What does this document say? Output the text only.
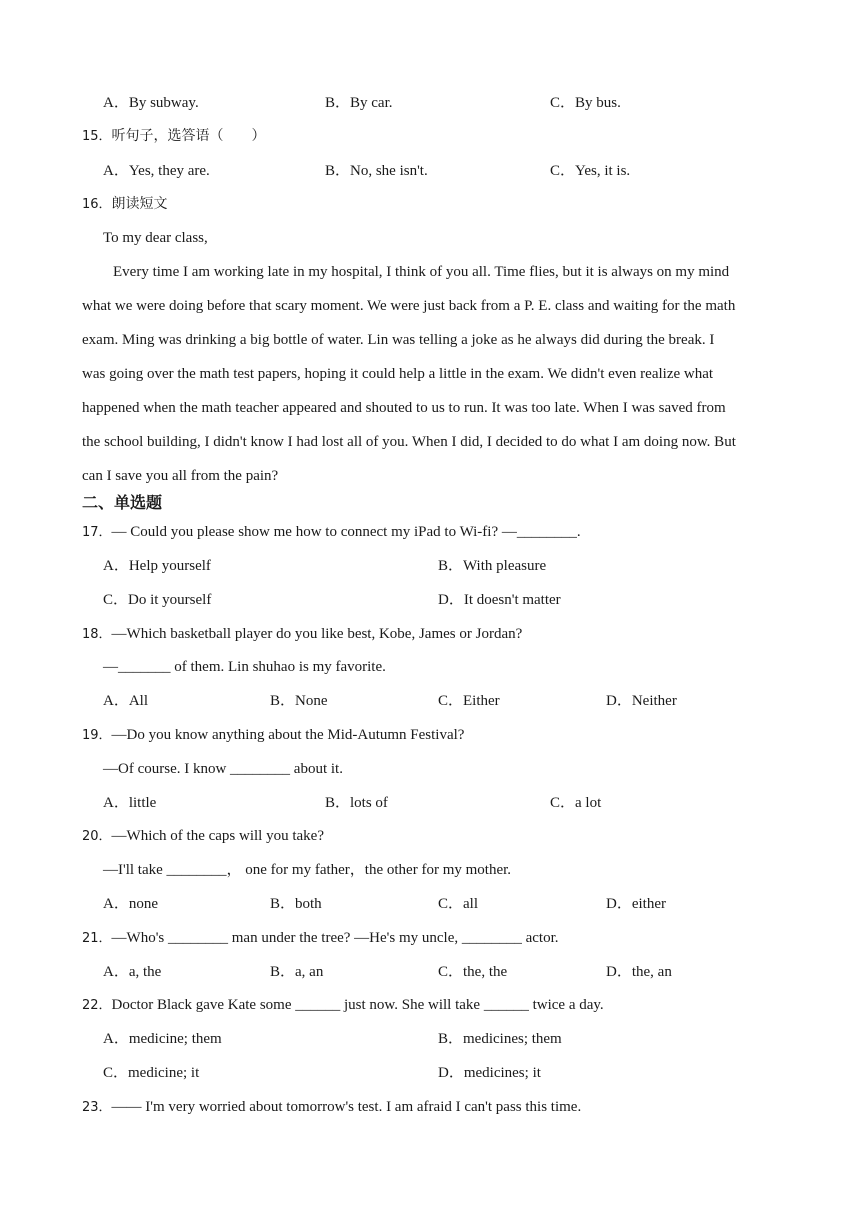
A．By subway.	B．By car.	C．By bus.
15．听句子，选答语（　　）
A．Yes, they are.	B．No, she isn't.	C．Yes, it is.
16．朗读短文
To my dear class,
Every time I am working late in my hospital, I think of you all. Time flies, but it is always on my mind
what we were doing before that scary moment. We were just back from a P. E. class and waiting for the math
exam. Ming was drinking a big bottle of water. Lin was telling a joke as he always did during the break. I
was going over the math test papers, hoping it could help a little in the exam. We didn't even realize what
happened when the math teacher appeared and shouted to us to run. It was too late. When I was saved from
the school building, I didn't know I had lost all of you. When I did, I decided to do what I am doing now. But
can I save you all from the pain?
二、单选题
17．— Could you please show me how to connect my iPad to Wi-fi? —________.
A．Help yourself	B．With pleasure
C．Do it yourself	D．It doesn't matter
18．—Which basketball player do you like best, Kobe, James or Jordan?
—_______ of them. Lin shuhao is my favorite.
A．All	B．None	C．Either	D．Neither
19．—Do you know anything about the Mid-Autumn Festival?
—Of course. I know ________ about it.
A．little	B．lots of	C．a lot
20．—Which of the caps will you take?
—I'll take ________， one for my father，the other for my mother.
A．none	B．both	C．all	D．either
21．—Who's ________ man under the tree? —He's my uncle, ________ actor.
A．a, the	B．a, an	C．the, the	D．the, an
22．Doctor Black gave Kate some ______ just now. She will take ______ twice a day.
A．medicine; them	B．medicines; them
C．medicine; it	D．medicines; it
23．—— I'm very worried about tomorrow's test. I am afraid I can't pass this time.
